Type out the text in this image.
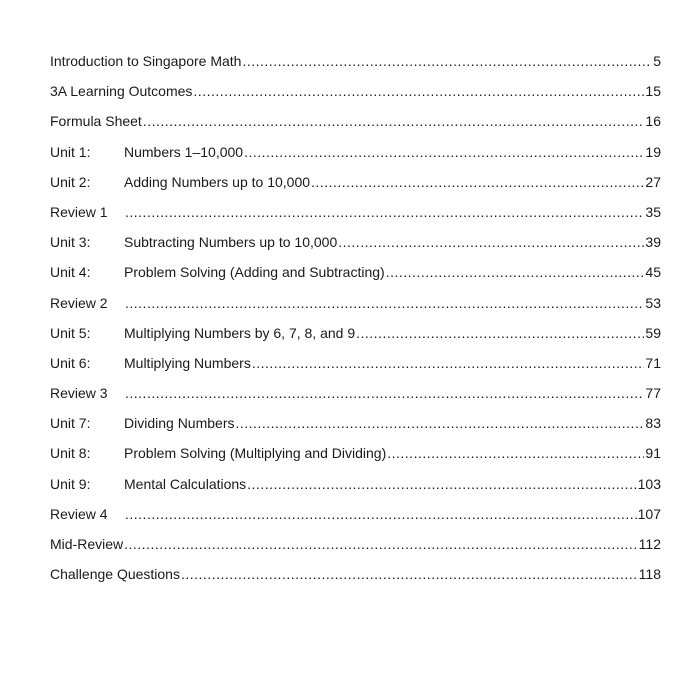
Introduction to Singapore Math .....	5
3A Learning Outcomes .....	15
Formula Sheet .....	16
Unit 1:	Numbers 1–10,000 .....	19
Unit 2:	Adding Numbers up to 10,000 .....	27
Review 1 .....	35
Unit 3:	Subtracting Numbers up to 10,000 .....	39
Unit 4:	Problem Solving (Adding and Subtracting) .....	45
Review 2 .....	53
Unit 5:	Multiplying Numbers by 6, 7, 8, and 9 .....	59
Unit 6:	Multiplying Numbers .....	71
Review 3 .....	77
Unit 7:	Dividing Numbers .....	83
Unit 8:	Problem Solving (Multiplying and Dividing) .....	91
Unit 9:	Mental Calculations .....	103
Review 4 .....	107
Mid-Review .....	112
Challenge Questions .....	118
